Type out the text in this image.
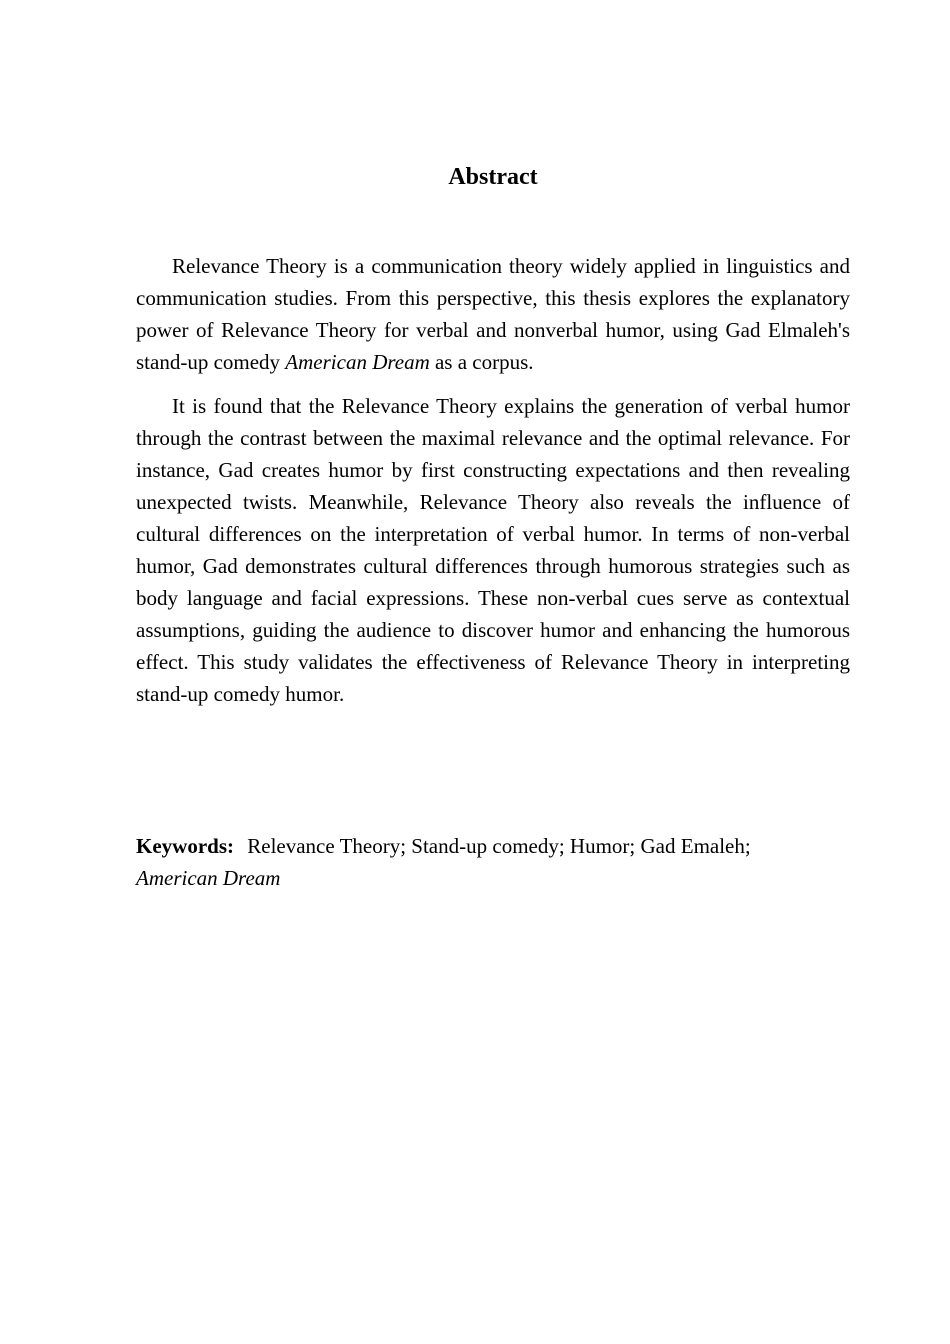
Abstract

Relevance Theory is a communication theory widely applied in linguistics and communication studies. From this perspective, this thesis explores the explanatory power of Relevance Theory for verbal and nonverbal humor, using Gad Elmaleh's stand-up comedy American Dream as a corpus.

It is found that the Relevance Theory explains the generation of verbal humor through the contrast between the maximal relevance and the optimal relevance. For instance, Gad creates humor by first constructing expectations and then revealing unexpected twists. Meanwhile, Relevance Theory also reveals the influence of cultural differences on the interpretation of verbal humor. In terms of non-verbal humor, Gad demonstrates cultural differences through humorous strategies such as body language and facial expressions. These non-verbal cues serve as contextual assumptions, guiding the audience to discover humor and enhancing the humorous effect. This study validates the effectiveness of Relevance Theory in interpreting stand-up comedy humor.

Keywords: Relevance Theory; Stand-up comedy; Humor; Gad Emaleh;
American Dream
